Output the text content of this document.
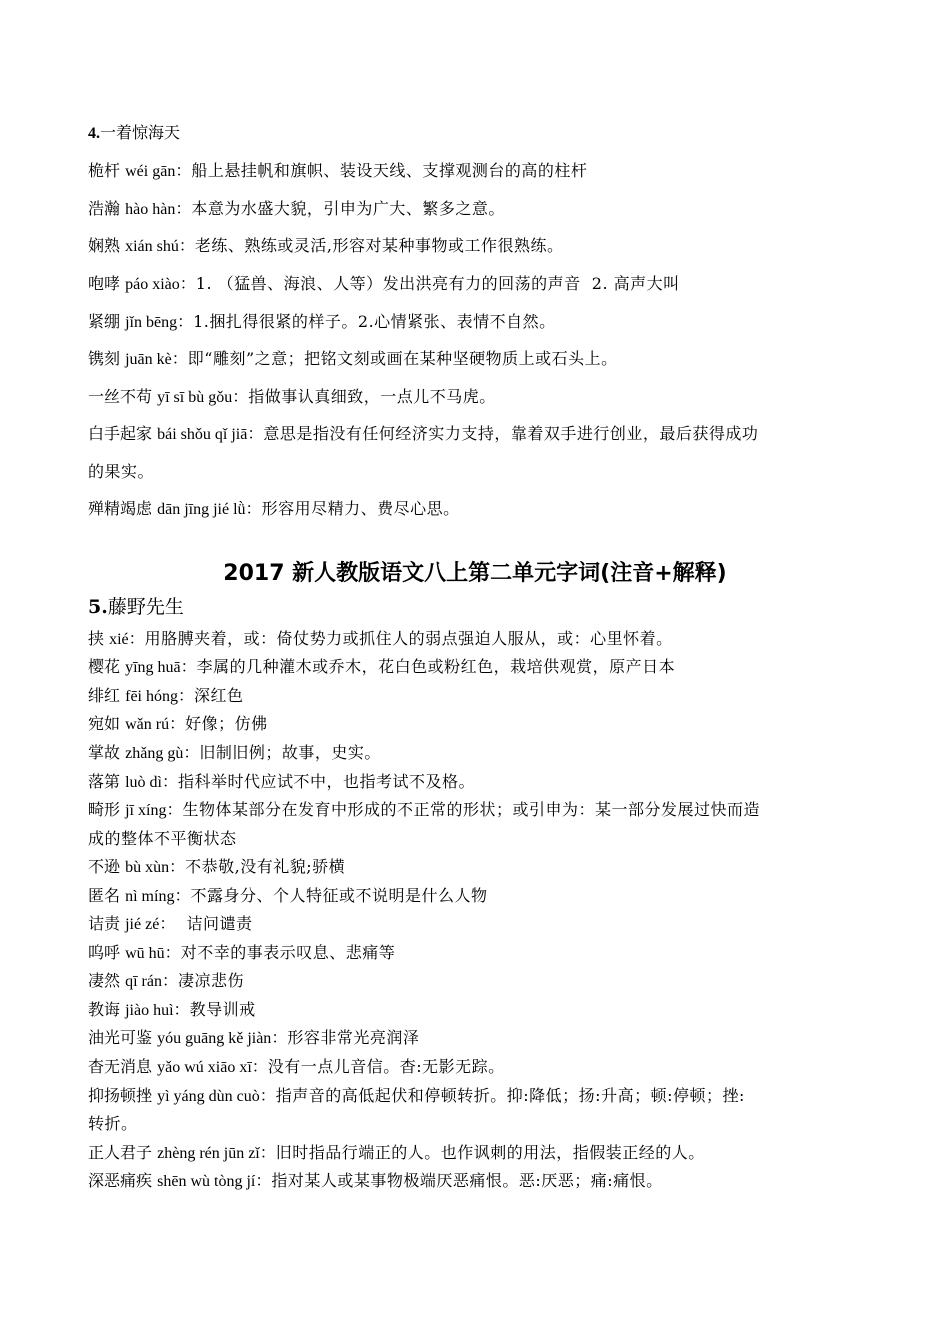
4.一着惊海天
桅杆 wéi gān：船上悬挂帆和旗帜、装设天线、支撑观测台的高的柱杆
浩瀚 hào hàn：本意为水盛大貌，引申为广大、繁多之意。
娴熟 xián shú：老练、熟练或灵活,形容对某种事物或工作很熟练。
咆哮 páo xiào：1. （猛兽、海浪、人等）发出洪亮有力的回荡的声音  2. 高声大叫
紧绷 jǐn bēng：1.捆扎得很紧的样子。2.心情紧张、表情不自然。
镌刻 juān kè：即“雕刻”之意；把铭文刻或画在某种坚硬物质上或石头上。
一丝不苟 yī sī bù gǒu：指做事认真细致，一点儿不马虎。
白手起家 bái shǒu qǐ jiā：意思是指没有任何经济实力支持，靠着双手进行创业，最后获得成功
的果实。
殚精竭虑 dān jīng jié lǜ：形容用尽精力、费尽心思。
2017 新人教版语文八上第二单元字词(注音+解释)
5.藤野先生
挟 xié：用胳膊夹着，或：倚仗势力或抓住人的弱点强迫人服从，或：心里怀着。
樱花 yīng huā：李属的几种灌木或乔木，花白色或粉红色，栽培供观赏，原产日本
绯红 fēi hóng：深红色
宛如 wǎn rú：好像；仿佛
掌故 zhǎng gù：旧制旧例；故事，史实。
落第 luò dì：指科举时代应试不中，也指考试不及格。
畸形 jī xíng：生物体某部分在发育中形成的不正常的形状；或引申为：某一部分发展过快而造
成的整体不平衡状态
不逊 bù xùn：不恭敬,没有礼貌;骄横
匿名 nì míng：不露身分、个人特征或不说明是什么人物
诘责 jié zé：  诘问谴责
呜呼 wū hū：对不幸的事表示叹息、悲痛等
凄然 qī rán：凄凉悲伤
教诲 jiào huì：教导训戒
油光可鉴 yóu guāng kě jiàn：形容非常光亮润泽
杳无消息 yǎo wú xiāo xī：没有一点儿音信。杳:无影无踪。
抑扬顿挫 yì yáng dùn cuò：指声音的高低起伏和停顿转折。抑:降低；扬:升高；顿:停顿；挫:
转折。
正人君子 zhèng rén jūn zǐ：旧时指品行端正的人。也作讽刺的用法，指假装正经的人。
深恶痛疾 shēn wù tòng jí：指对某人或某事物极端厌恶痛恨。恶:厌恶；痛:痛恨。
